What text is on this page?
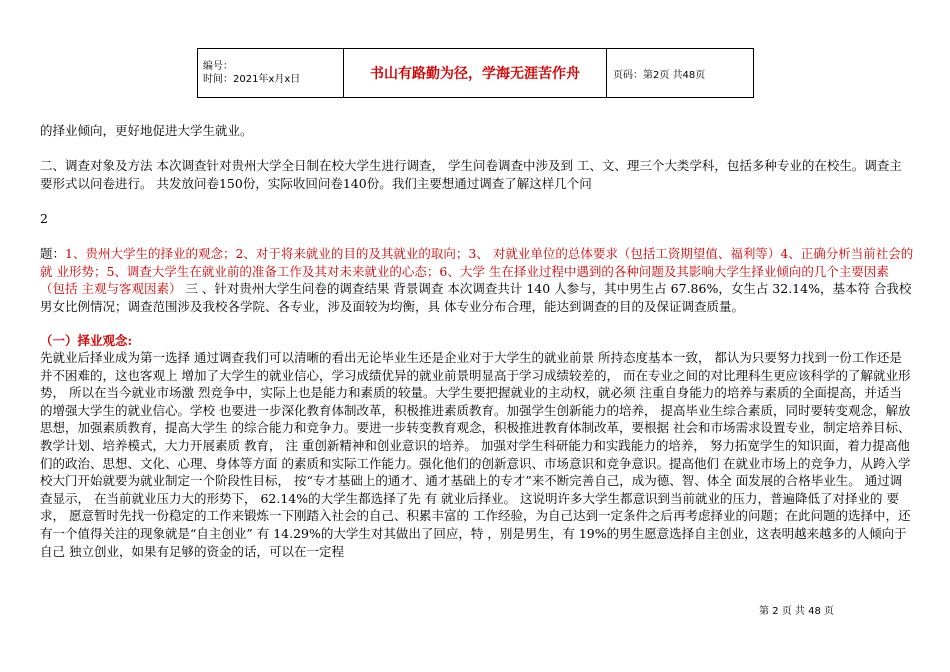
编号：
时间：2021年x月x日	书山有路勤为径，学海无涯苦作舟	页码：第2页 共48页
的择业倾向，更好地促进大学生就业。
二、调查对象及方法 本次调查针对贵州大学全日制在校大学生进行调查， 学生问卷调查中涉及到 工、文、理三个大类学科，包括多种专业的在校生。调查主要形式以问卷进行。 共发放问卷150份，实际收回问卷140份。我们主要想通过调查了解这样几个问
2
题：1、贵州大学生的择业的观念；2、对于将来就业的目的及其就业的取向；3、 对就业单位的总体要求（包括工资期望值、福利等）4、正确分析当前社会的就 业形势；5、调查大学生在就业前的准备工作及其对未来就业的心态；6、大学 生在择业过程中遇到的各种问题及其影响大学生择业倾向的几个主要因素 （包括 主观与客观因素） 三 、针对贵州大学生问卷的调查结果 背景调查 本次调查共计 140 人参与，其中男生占 67.86%，女生占 32.14%，基本符 合我校男女比例情况；调查范围涉及我校各学院、各专业，涉及面较为均衡，具 体专业分布合理，能达到调查的目的及保证调查质量。
（一）择业观念:
先就业后择业成为第一选择 通过调查我们可以清晰的看出无论毕业生还是企业对于大学生的就业前景 所持态度基本一致， 都认为只要努力找到一份工作还是并不困难的，这也客观上 增加了大学生的就业信心，学习成绩优异的就业前景明显高于学习成绩较差的， 而在专业之间的对比理科生更应该科学的了解就业形势， 所以在当今就业市场激 烈竞争中，实际上也是能力和素质的较量。大学生要把握就业的主动权，就必须 注重自身能力的培养与素质的全面提高，并适当的增强大学生的就业信心。学校 也要进一步深化教育体制改革，积极推进素质教育。加强学生创新能力的培养， 提高毕业生综合素质，同时要转变观念，解放思想，加强素质教育，提高大学生 的综合能力和竞争力。要进一步转变教育观念，积极推进教育体制改革，要根据 社会和市场需求设置专业，制定培养目标、教学计划、培养模式，大力开展素质 教育， 注 重创新精神和创业意识的培养。 加强对学生科研能力和实践能力的培养， 努力拓宽学生的知识面，着力提高他们的政治、思想、文化、心理、身体等方面 的素质和实际工作能力。强化他们的创新意识、市场意识和竞争意识。提高他们 在就业市场上的竞争力，从跨入学校大门开始就要为就业制定一个阶段性目标， 按“专才基础上的通才、通才基础上的专才”来不断完善自己，成为德、智、体全 面发展的合格毕业生。 通过调查显示， 在当前就业压力大的形势下， 62.14%的大学生都选择了先 有 就业后择业。 这说明许多大学生都意识到当前就业的压力，普遍降低了对择业的 要求， 愿意暂时先找一份稳定的工作来锻炼一下刚踏入社会的自己、积累丰富的 工作经验，为自己达到一定条件之后再考虑择业的问题；在此问题的选择中，还 有一个值得关注的现象就是“自主创业” 有 14.29%的大学生对其做出了回应，特 ，别是男生，有 19%的男生愿意选择自主创业，这表明越来越多的人倾向于自己 独立创业，如果有足够的资金的话，可以在一定程
第 2 页 共 48 页
